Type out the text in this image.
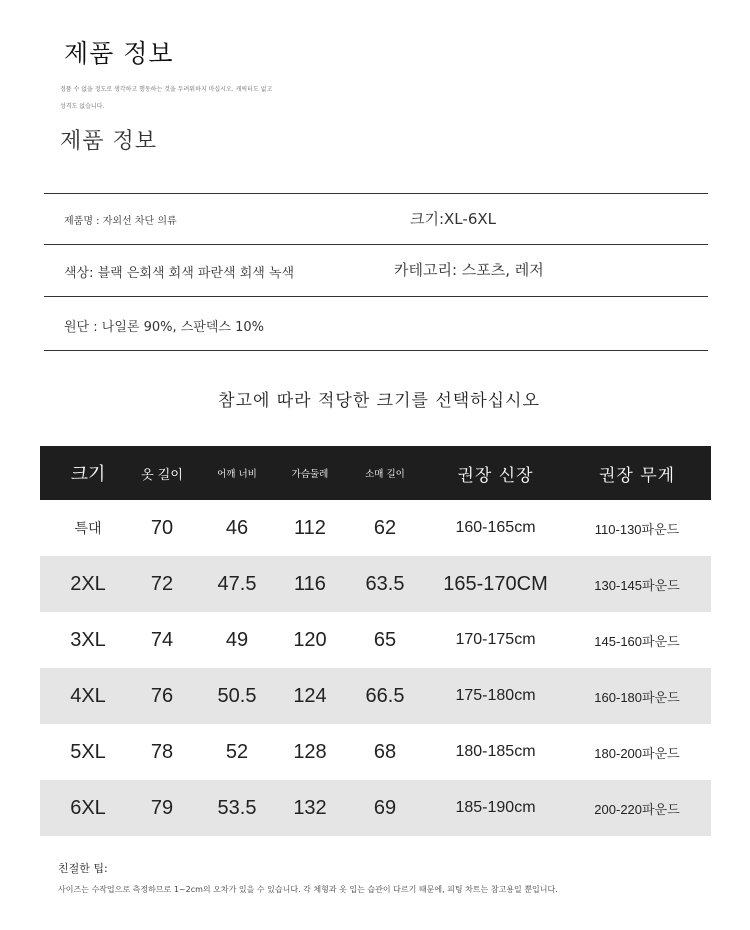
제품 정보
정품 수 없을 정도로 생각하고 행동하는 것을 두려워하지 마십시오. 캐릭터도 없고
성격도 없습니다.
제품 정보
제품명 : 자외선 차단 의류	크기:XL-6XL
색상: 블랙 은회색 회색 파란색 회색 녹색	카테고리: 스포츠, 레저
원단 : 나일론 90%, 스판덱스 10%
참고에 따라 적당한 크기를 선택하십시오
크기	옷 길이	어깨 너비	가슴둘레	소매 길이	권장 신장	권장 무게
특대	70	46	112	62	160-165cm	110-130파운드
2XL	72	47.5	116	63.5	165-170CM	130-145파운드
3XL	74	49	120	65	170-175cm	145-160파운드
4XL	76	50.5	124	66.5	175-180cm	160-180파운드
5XL	78	52	128	68	180-185cm	180-200파운드
6XL	79	53.5	132	69	185-190cm	200-220파운드
친절한 팁:
사이즈는 수작업으로 측정하므로 1~2cm의 오차가 있을 수 있습니다. 각 체형과 옷 입는 습관이 다르기 때문에, 피팅 차트는 참고용일 뿐입니다.
